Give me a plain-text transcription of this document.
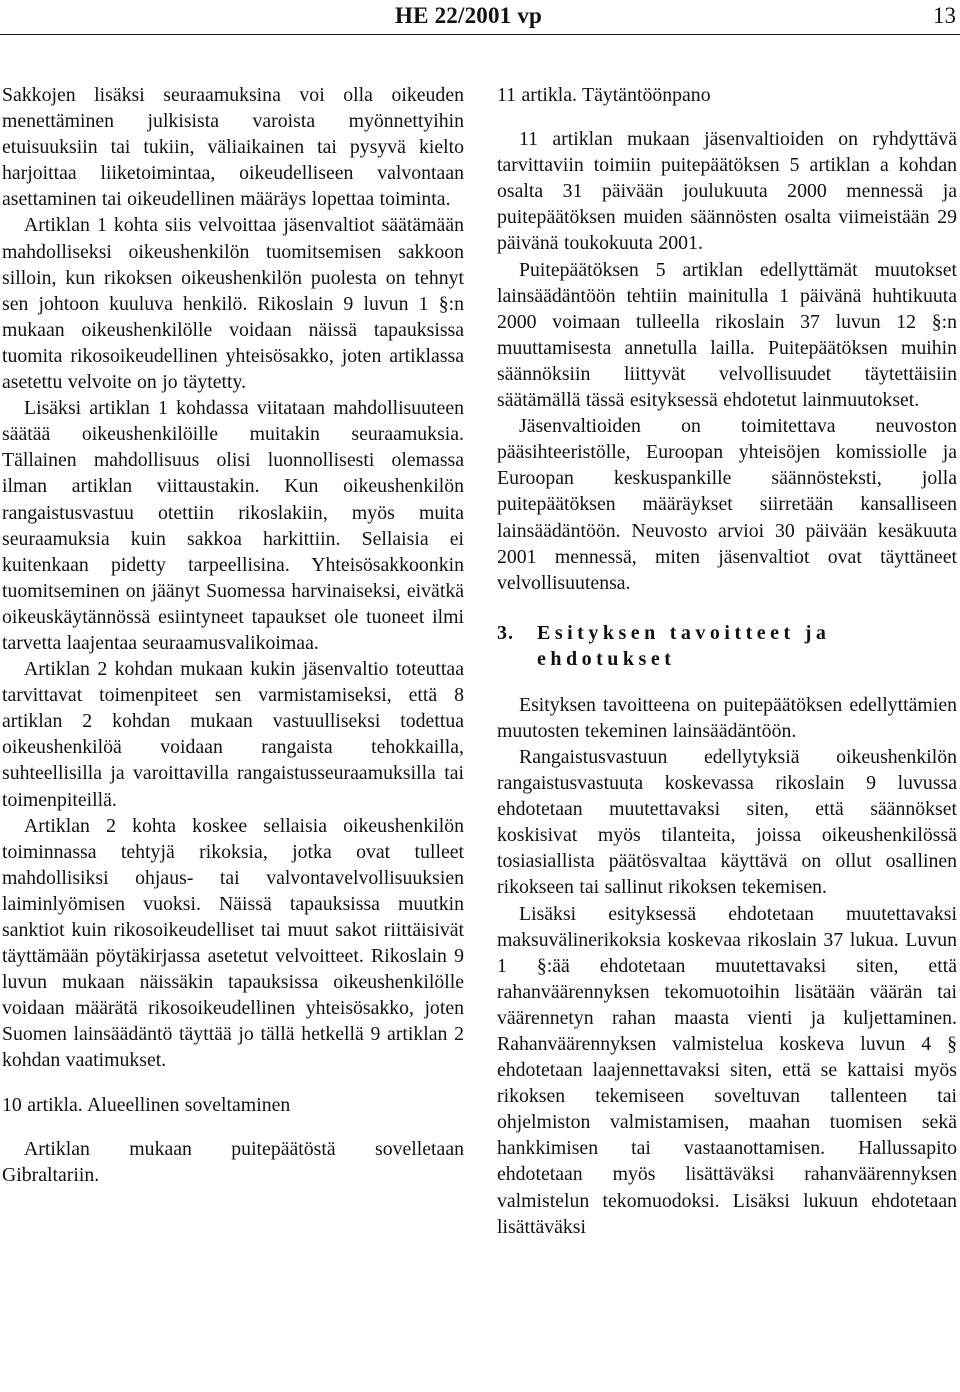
HE 22/2001 vp	13

Sakkojen lisäksi seuraamuksina voi olla oikeuden menettäminen julkisista varoista myönnettyihin etuisuuksiin tai tukiin, väliaikainen tai pysyvä kielto harjoittaa liiketoimintaa, oikeudelliseen valvontaan asettaminen tai oikeudellinen määräys lopettaa toiminta.

Artiklan 1 kohta siis velvoittaa jäsenvaltiot säätämään mahdolliseksi oikeushenkilön tuomitsemisen sakkoon silloin, kun rikoksen oikeushenkilön puolesta on tehnyt sen johtoon kuuluva henkilö. Rikoslain 9 luvun 1 §:n mukaan oikeushenkilölle voidaan näissä tapauksissa tuomita rikosoikeudellinen yhteisösakko, joten artiklassa asetettu velvoite on jo täytetty.

Lisäksi artiklan 1 kohdassa viitataan mahdollisuuteen säätää oikeushenkilöille muitakin seuraamuksia. Tällainen mahdollisuus olisi luonnollisesti olemassa ilman artiklan viittaustakin. Kun oikeushenkilön rangaistusvastuu otettiin rikoslakiin, myös muita seuraamuksia kuin sakkoa harkittiin. Sellaisia ei kuitenkaan pidetty tarpeellisina. Yhteisösakkoonkin tuomitseminen on jäänyt Suomessa harvinaiseksi, eivätkä oikeuskäytännössä esiintyneet tapaukset ole tuoneet ilmi tarvetta laajentaa seuraamusvalikoimaa.

Artiklan 2 kohdan mukaan kukin jäsenvaltio toteuttaa tarvittavat toimenpiteet sen varmistamiseksi, että 8 artiklan 2 kohdan mukaan vastuulliseksi todettua oikeushenkilöä voidaan rangaista tehokkailla, suhteellisilla ja varoittavilla rangaistusseuraamuksilla tai toimenpiteillä.

Artiklan 2 kohta koskee sellaisia oikeushenkilön toiminnassa tehtyjä rikoksia, jotka ovat tulleet mahdollisiksi ohjaus- tai valvontavelvollisuuksien laiminlyömisen vuoksi. Näissä tapauksissa muutkin sanktiot kuin rikosoikeudelliset tai muut sakot riittäisivät täyttämään pöytäkirjassa asetetut velvoitteet. Rikoslain 9 luvun mukaan näissäkin tapauksissa oikeushenkilölle voidaan määrätä rikosoikeudellinen yhteisösakko, joten Suomen lainsäädäntö täyttää jo tällä hetkellä 9 artiklan 2 kohdan vaatimukset.

10 artikla. Alueellinen soveltaminen

Artiklan mukaan puitepäätöstä sovelletaan Gibraltariin.

11 artikla. Täytäntöönpano

11 artiklan mukaan jäsenvaltioiden on ryhdyttävä tarvittaviin toimiin puitepäätöksen 5 artiklan a kohdan osalta 31 päivään joulukuuta 2000 mennessä ja puitepäätöksen muiden säännösten osalta viimeistään 29 päivänä toukokuuta 2001.

Puitepäätöksen 5 artiklan edellyttämät muutokset lainsäädäntöön tehtiin mainitulla 1 päivänä huhtikuuta 2000 voimaan tulleella rikoslain 37 luvun 12 §:n muuttamisesta annetulla lailla. Puitepäätöksen muihin säännöksiin liittyvät velvollisuudet täytettäisiin säätämällä tässä esityksessä ehdotetut lainmuutokset.

Jäsenvaltioiden on toimitettava neuvoston pääsihteeristölle, Euroopan yhteisöjen komissiolle ja Euroopan keskuspankille säännösteksti, jolla puitepäätöksen määräykset siirretään kansalliseen lainsäädäntöön. Neuvosto arvioi 30 päivään kesäkuuta 2001 mennessä, miten jäsenvaltiot ovat täyttäneet velvollisuutensa.

3.	Esityksen tavoitteet ja ehdotukset

Esityksen tavoitteena on puitepäätöksen edellyttämien muutosten tekeminen lainsäädäntöön.

Rangaistusvastuun edellytyksiä oikeushenkilön rangaistusvastuuta koskevassa rikoslain 9 luvussa ehdotetaan muutettavaksi siten, että säännökset koskisivat myös tilanteita, joissa oikeushenkilössä tosiasiallista päätösvaltaa käyttävä on ollut osallinen rikokseen tai sallinut rikoksen tekemisen.

Lisäksi esityksessä ehdotetaan muutettavaksi maksuvälinerikoksia koskevaa rikoslain 37 lukua. Luvun 1 §:ää ehdotetaan muutettavaksi siten, että rahanväärennyksen tekomuotoihin lisätään väärän tai väärennetyn rahan maasta vienti ja kuljettaminen. Rahanväärennyksen valmistelua koskeva luvun 4 § ehdotetaan laajennettavaksi siten, että se kattaisi myös rikoksen tekemiseen soveltuvan tallenteen tai ohjelmiston valmistamisen, maahan tuomisen sekä hankkimisen tai vastaanottamisen. Hallussapito ehdotetaan myös lisättäväksi rahanväärennyksen valmistelun tekomuodoksi. Lisäksi lukuun ehdotetaan lisättäväksi
